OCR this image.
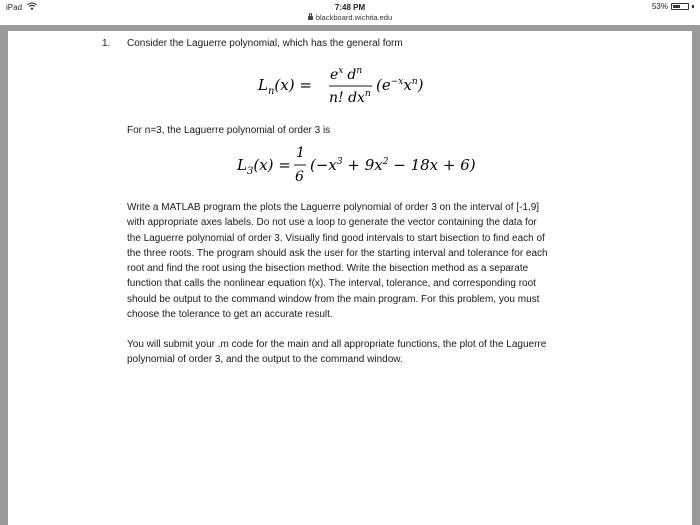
iPad	7:48 PM	53%
blackboard.wichita.edu
1. Consider the Laguerre polynomial, which has the general form
$L_n(x)$ =
$e^x$ $d^n$
n! $dx^n$ $(e^{-x}x^n)$
For n=3, the Laguerre polynomial of order 3 is
$L_3(x)$ =
1
6
$(-x^3 + 9x^2 - 18x + 6)$
Write a MATLAB program the plots the Laguerre polynomial of order 3 on the interval of [-1,9]
with appropriate axes labels. Do not use a loop to generate the vector containing the data for
the Laguerre polynomial of order 3. Visually find good intervals to start bisection to find each of
the three roots. The program should ask the user for the starting interval and tolerance for each
root and find the root using the bisection method. Write the bisection method as a separate
function that calls the nonlinear equation f(x). The interval, tolerance, and corresponding root
should be output to the command window from the main program. For this problem, you must
choose the tolerance to get an accurate result.
You will submit your .m code for the main and all appropriate functions, the plot of the Laguerre
polynomial of order 3, and the output to the command window.
